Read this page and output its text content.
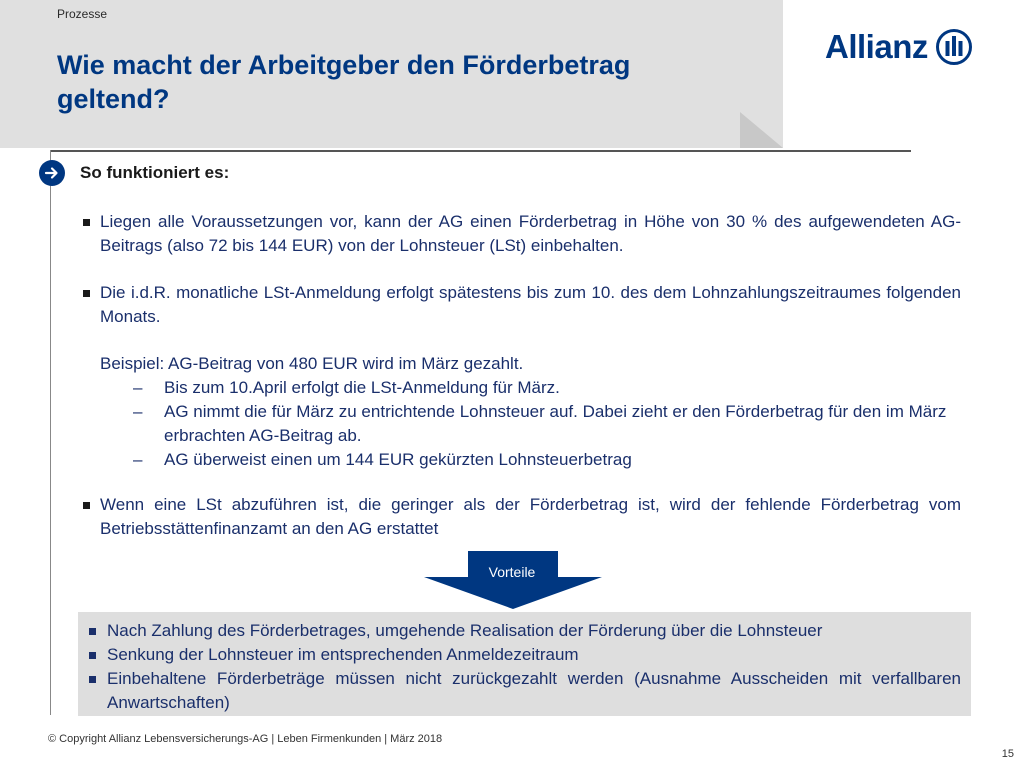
Prozesse
Wie macht der Arbeitgeber den Förderbetrag geltend?
Allianz
So funktioniert es:
Liegen alle Voraussetzungen vor, kann der AG einen Förderbetrag in Höhe von 30 % des aufgewendeten AG-Beitrags (also 72 bis 144 EUR) von der Lohnsteuer (LSt) einbehalten.
Die i.d.R. monatliche LSt-Anmeldung erfolgt spätestens bis zum 10. des dem Lohnzahlungszeitraumes folgenden Monats.
Beispiel: AG-Beitrag von 480 EUR wird im März gezahlt.
– Bis zum 10.April erfolgt die LSt-Anmeldung für März.
– AG nimmt die für März zu entrichtende Lohnsteuer auf. Dabei zieht er den Förderbetrag für den im März erbrachten AG-Beitrag ab.
– AG überweist einen um 144 EUR gekürzten Lohnsteuerbetrag
Wenn eine LSt abzuführen ist, die geringer als der Förderbetrag ist, wird der fehlende Förderbetrag vom Betriebsstättenfinanzamt an den AG erstattet
Vorteile
Nach Zahlung des Förderbetrages, umgehende Realisation der Förderung über die Lohnsteuer
Senkung der Lohnsteuer im entsprechenden Anmeldezeitraum
Einbehaltene Förderbeträge müssen nicht zurückgezahlt werden (Ausnahme Ausscheiden mit verfallbaren Anwartschaften)
© Copyright Allianz Lebensversicherungs-AG | Leben Firmenkunden | März 2018
15
